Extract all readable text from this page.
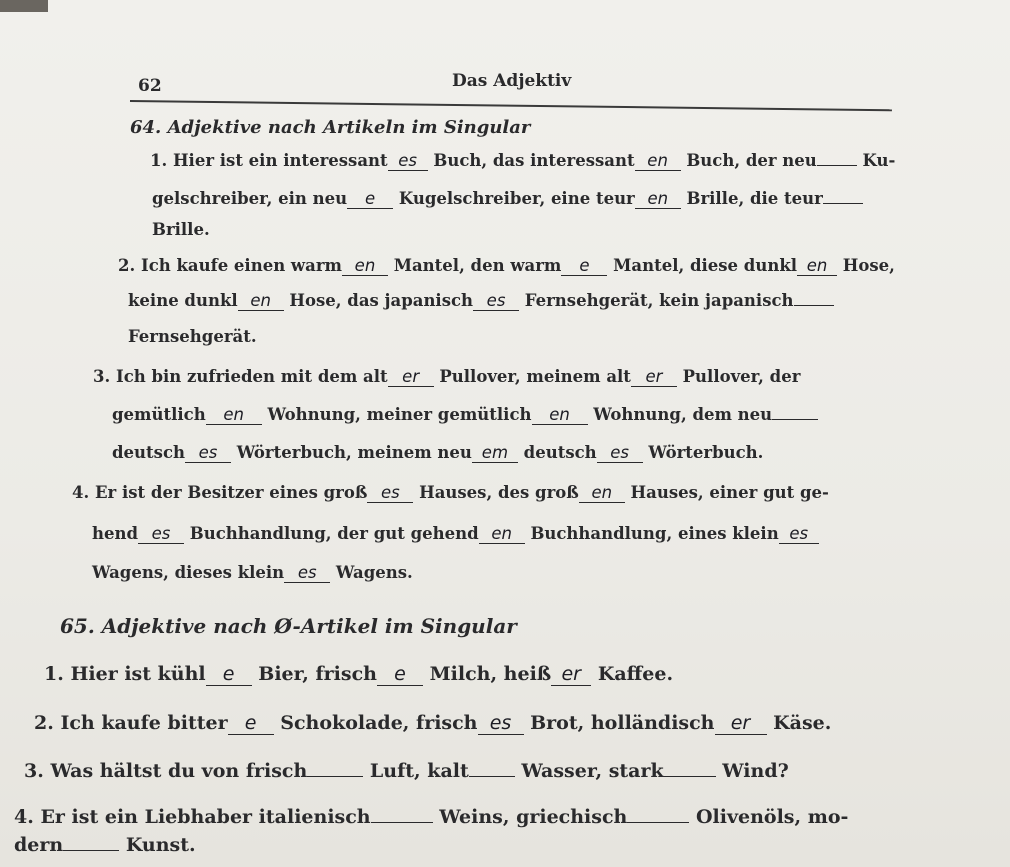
62	Das Adjektiv
64. Adjektive nach Artikeln im Singular
1. Hier ist ein interessant es Buch, das interessant en Buch, der neu Ku-
gelschreiber, ein neu e Kugelschreiber, eine teur en Brille, die teur
Brille.
2. Ich kaufe einen warm en Mantel, den warm e Mantel, diese dunkl en Hose,
keine dunkl en Hose, das japanisch es Fernsehgerät, kein japanisch
Fernsehgerät.
3. Ich bin zufrieden mit dem alt er Pullover, meinem alt er Pullover, der
gemütlich en Wohnung, meiner gemütlich en Wohnung, dem neu
deutsch es Wörterbuch, meinem neu em deutsch es Wörterbuch.
4. Er ist der Besitzer eines groß es Hauses, des groß en Hauses, einer gut ge-
hend es Buchhandlung, der gut gehend en Buchhandlung, eines klein es
Wagens, dieses klein es Wagens.
65. Adjektive nach Ø-Artikel im Singular
1. Hier ist kühl e Bier, frisch e Milch, heiß er Kaffee.
2. Ich kaufe bitter e Schokolade, frisch es Brot, holländisch er Käse.
3. Was hältst du von frisch	Luft, kalt Wasser, stark	Wind?
4. Er ist ein Liebhaber italienisch	Weins, griechisch	Olivenöls, mo-
dern	Kunst.
